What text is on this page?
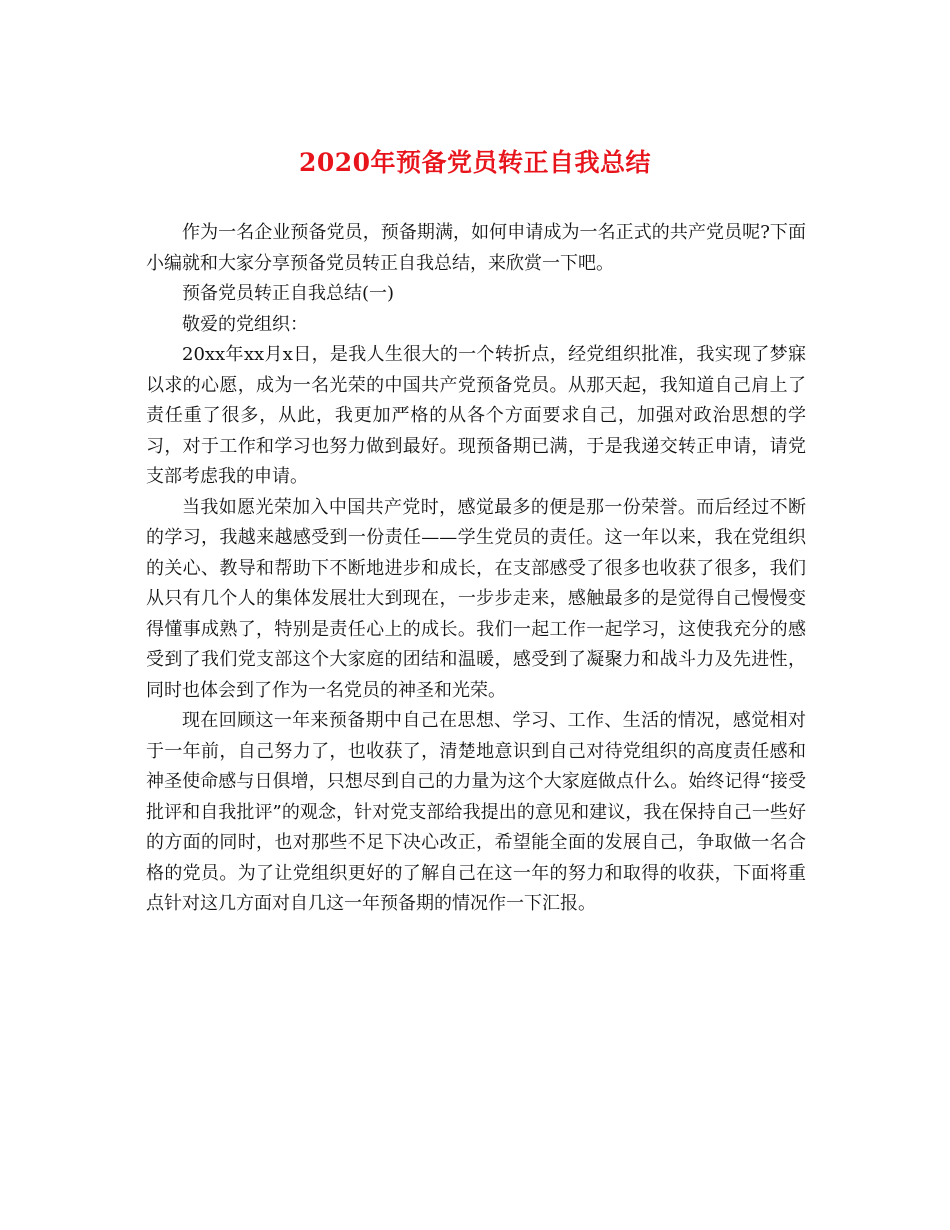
2020年预备党员转正自我总结

作为一名企业预备党员，预备期满，如何申请成为一名正式的共产党员呢?下面小编就和大家分享预备党员转正自我总结，来欣赏一下吧。

预备党员转正自我总结(一)

敬爱的党组织：

20xx年xx月x日，是我人生很大的一个转折点，经党组织批准，我实现了梦寐以求的心愿，成为一名光荣的中国共产党预备党员。从那天起，我知道自己肩上了责任重了很多，从此，我更加严格的从各个方面要求自己，加强对政治思想的学习，对于工作和学习也努力做到最好。现预备期已满，于是我递交转正申请，请党支部考虑我的申请。

当我如愿光荣加入中国共产党时，感觉最多的便是那一份荣誉。而后经过不断的学习，我越来越感受到一份责任——学生党员的责任。这一年以来，我在党组织的关心、教导和帮助下不断地进步和成长，在支部感受了很多也收获了很多，我们从只有几个人的集体发展壮大到现在，一步步走来，感触最多的是觉得自己慢慢变得懂事成熟了，特别是责任心上的成长。我们一起工作一起学习，这使我充分的感受到了我们党支部这个大家庭的团结和温暖，感受到了凝聚力和战斗力及先进性，同时也体会到了作为一名党员的神圣和光荣。

现在回顾这一年来预备期中自己在思想、学习、工作、生活的情况，感觉相对于一年前，自己努力了，也收获了，清楚地意识到自己对待党组织的高度责任感和神圣使命感与日俱增，只想尽到自己的力量为这个大家庭做点什么。始终记得“接受批评和自我批评”的观念，针对党支部给我提出的意见和建议，我在保持自己一些好的方面的同时，也对那些不足下决心改正，希望能全面的发展自己，争取做一名合格的党员。为了让党组织更好的了解自己在这一年的努力和取得的收获，下面将重点针对这几方面对自几这一年预备期的情况作一下汇报。
